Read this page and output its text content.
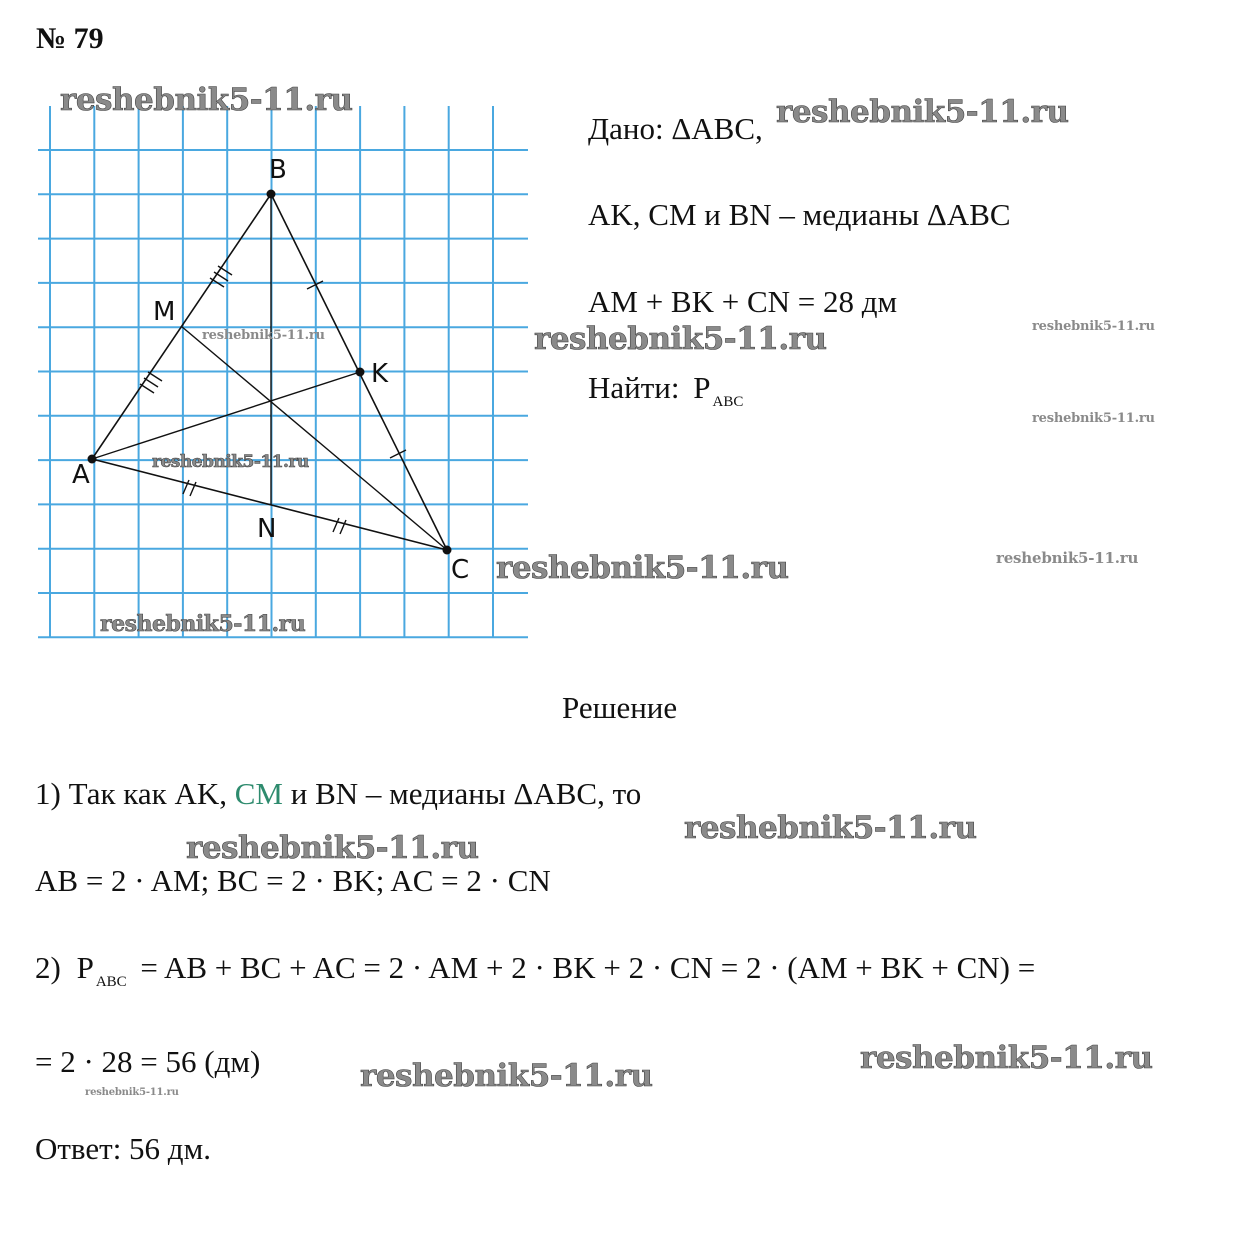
№ 79
A
B
C
M
K
N
Дано: ΔABC,
AK, CM и BN – медианы ΔABC
AM + BK + CN = 28 дм
Найти: P $_{ABC}$
Решение
1) Так как AK, CM и BN – медианы ΔABC, то
AB = 2 · AM; BC = 2 · BK; AC = 2 · CN
2) P $_{ABC}$ = AB + BC + AC = 2 · AM + 2 · BK + 2 · CN = 2 · (AM + BK + CN) =
= 2 · 28 = 56 (дм)
Ответ: 56 дм.
reshebnik5-11.ru	reshebnik5-11.ru
reshebnik5-11.ru
reshebnik5-11.ru
reshebnik5-11.ru
reshebnik5-11.ru
reshebnik5-11.ru
reshebnik5-11.ru
reshebnik5-11.ru
reshebnik5-11.ru
reshebnik5-11.ru
reshebnik5-11.ru
reshebnik5-11.ru
reshebnik5-11.ru
reshebnik5-11.ru
